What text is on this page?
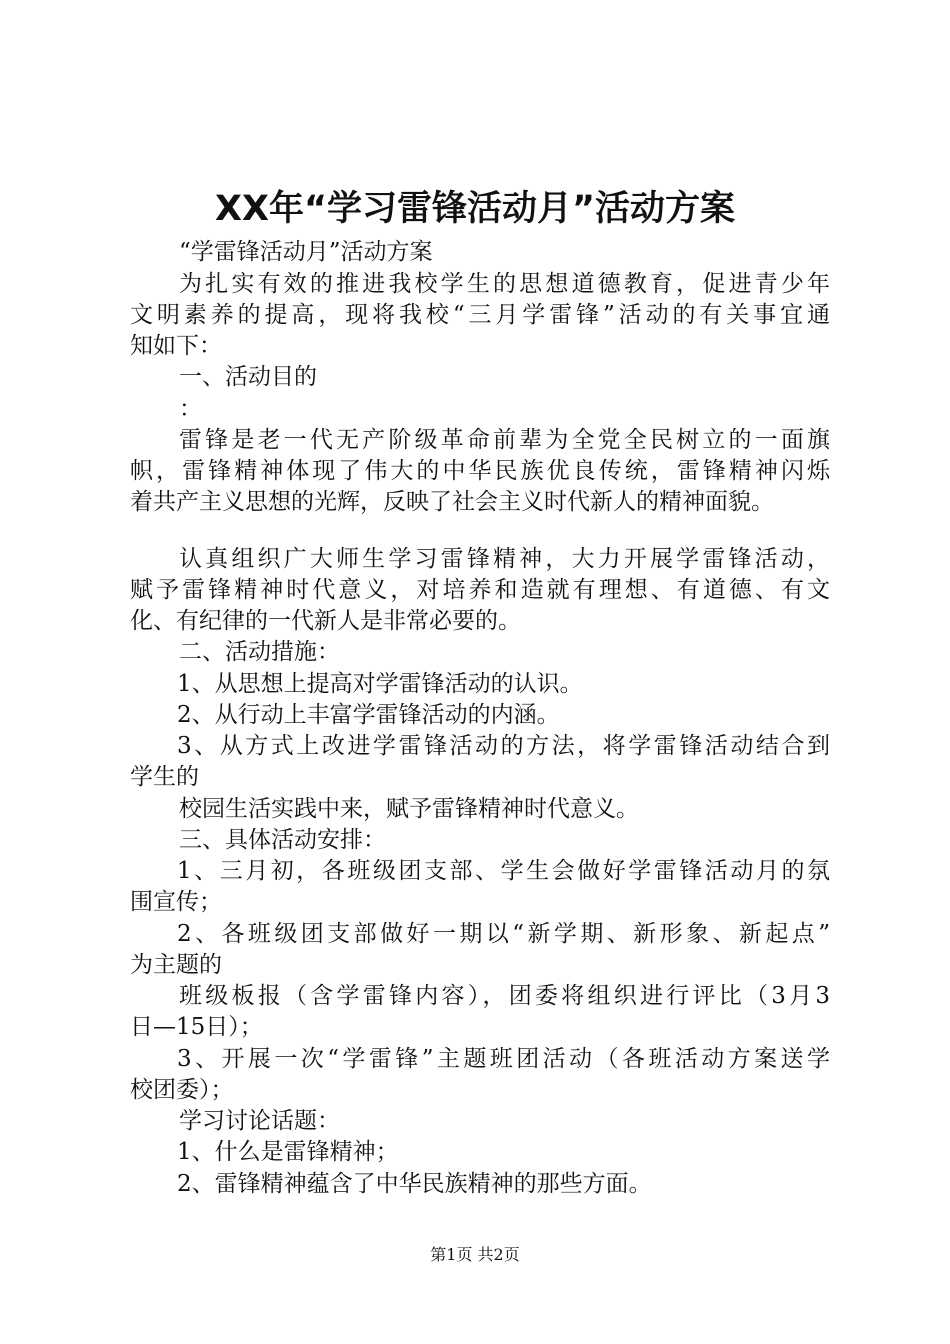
XX年“学习雷锋活动月”活动方案
“学雷锋活动月”活动方案
为扎实有效的推进我校学生的思想道德教育，促进青少年
文明素养的提高，现将我校“三月学雷锋”活动的有关事宜通
知如下：
一、活动目的
：
雷锋是老一代无产阶级革命前辈为全党全民树立的一面旗
帜，雷锋精神体现了伟大的中华民族优良传统，雷锋精神闪烁
着共产主义思想的光辉，反映了社会主义时代新人的精神面貌。
认真组织广大师生学习雷锋精神，大力开展学雷锋活动，
赋予雷锋精神时代意义，对培养和造就有理想、有道德、有文
化、有纪律的一代新人是非常必要的。
二、活动措施：
1、从思想上提高对学雷锋活动的认识。
2、从行动上丰富学雷锋活动的内涵。
3、从方式上改进学雷锋活动的方法，将学雷锋活动结合到
学生的
校园生活实践中来，赋予雷锋精神时代意义。
三、具体活动安排：
1、三月初，各班级团支部、学生会做好学雷锋活动月的氛
围宣传；
2、各班级团支部做好一期以“新学期、新形象、新起点”
为主题的
班级板报（含学雷锋内容），团委将组织进行评比（3月3
日—15日）；
3、开展一次“学雷锋”主题班团活动（各班活动方案送学
校团委）；
学习讨论话题：
1、什么是雷锋精神；
2、雷锋精神蕴含了中华民族精神的那些方面。
第1页 共2页
